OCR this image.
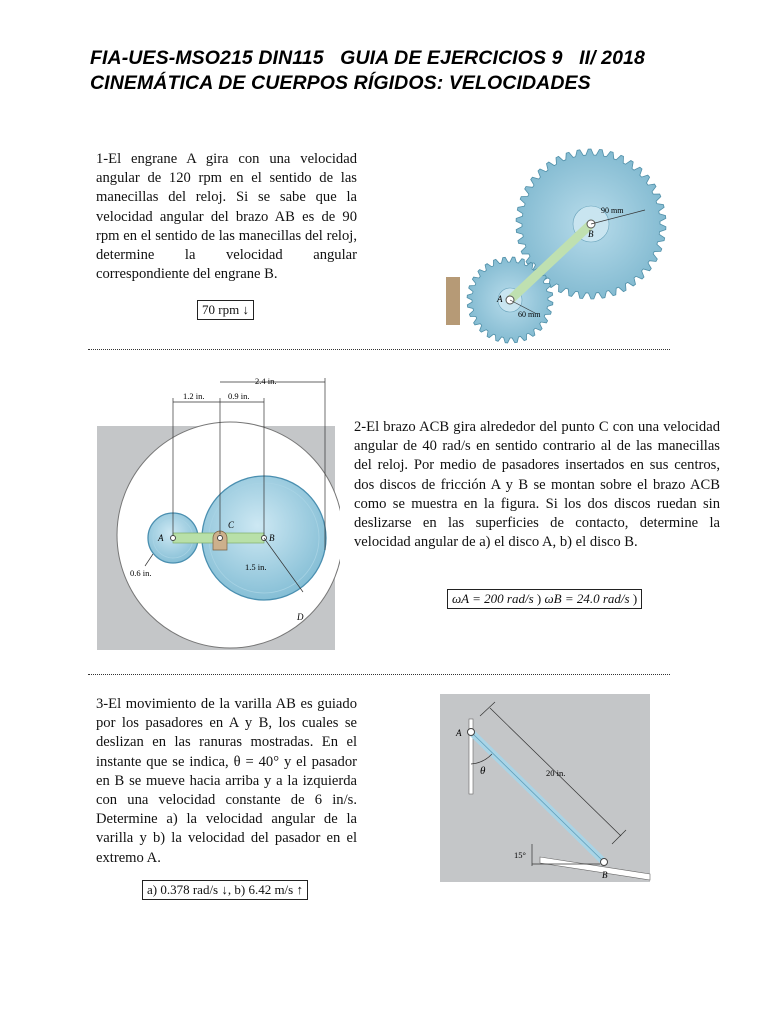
FIA-UES-MSO215 DIN115   GUIA DE EJERCICIOS 9   II/ 2018
CINEMÁTICA DE CUERPOS RÍGIDOS: VELOCIDADES
1-El engrane A gira con una velocidad angular de 120 rpm en el sentido de las manecillas del reloj. Si se sabe que la velocidad angular del brazo AB es de 90 rpm en el sentido de las manecillas del reloj, determine la velocidad angular correspondiente del engrane B.
70 rpm ↓
A
B
90 mm
60 mm
2.4 in.
1.2 in.	0.9 in.
0.6 in.
1.5 in.
A
C
B
D
2-El brazo ACB gira alrededor del punto C con una velocidad angular de 40 rad/s en sentido contrario al de las manecillas del reloj. Por medio de pasadores insertados en sus centros, dos discos de fricción A y B se montan sobre el brazo ACB como se muestra en la figura. Si los dos discos ruedan sin deslizarse en las superficies de contacto, determine la velocidad angular de a) el disco A, b) el disco B.
ωA = 200 rad/s ) ωB = 24.0 rad/s )
3-El movimiento de la varilla AB es guiado por los pasadores en A y B, los cuales se deslizan en las ranuras mostradas. En el instante que se indica, θ = 40° y el pasador en B se mueve hacia arriba y a la izquierda con una velocidad constante de 6 in/s. Determine a) la velocidad angular de la varilla y b) la velocidad del pasador en el extremo A.
a) 0.378 rad/s ↓, b) 6.42 m/s ↑
A
B
θ	20 in.
15°
